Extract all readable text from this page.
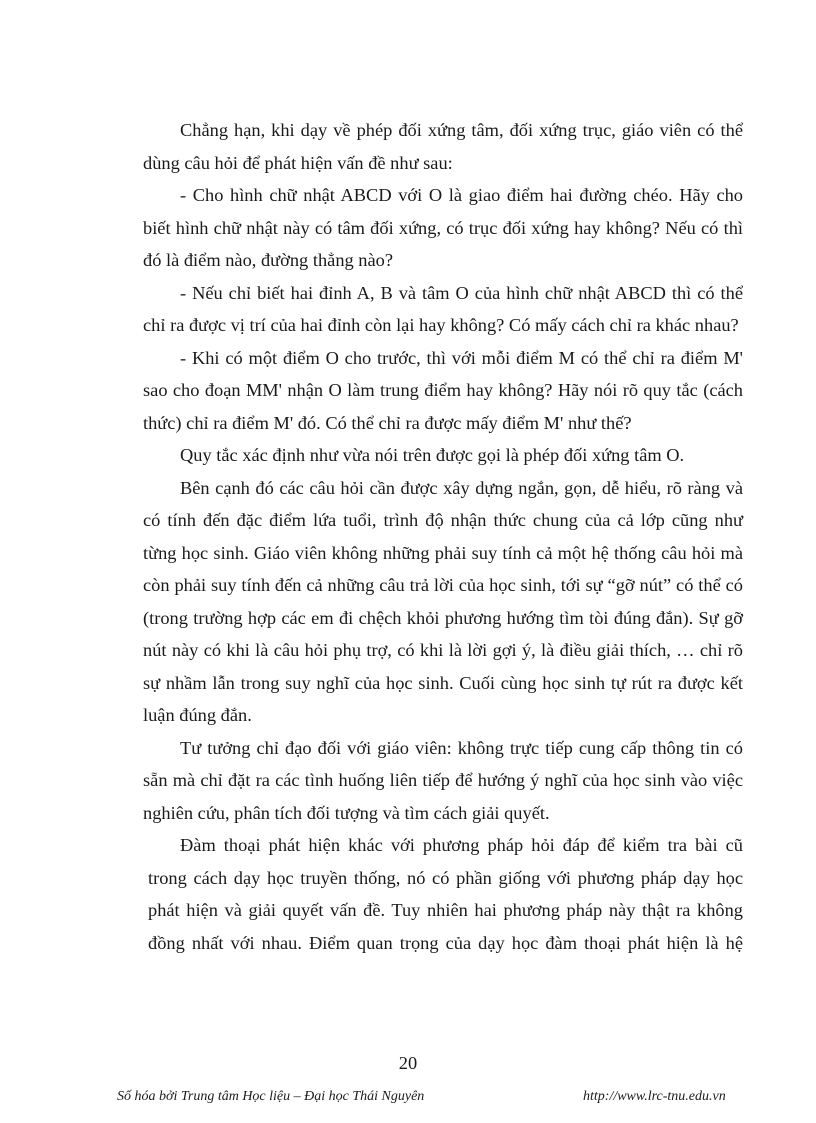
Chẳng hạn, khi dạy về phép đối xứng tâm, đối xứng trục, giáo viên có thể
dùng câu hỏi để phát hiện vấn đề như sau:
- Cho hình chữ nhật ABCD với O là giao điểm hai đường chéo. Hãy cho
biết hình chữ nhật này có tâm đối xứng, có trục đối xứng hay không? Nếu có thì
đó là điểm nào, đường thẳng nào?
- Nếu chỉ biết hai đỉnh A, B và tâm O của hình chữ nhật ABCD thì có thể
chỉ ra được vị trí của hai đỉnh còn lại hay không? Có mấy cách chỉ ra khác nhau?
- Khi có một điểm O cho trước, thì với mỗi điểm M có thể chỉ ra điểm M'
sao cho đoạn MM' nhận O làm trung điểm hay không? Hãy nói rõ quy tắc (cách
thức) chỉ ra điểm M' đó. Có thể chỉ ra được mấy điểm M' như thế?
Quy tắc xác định như vừa nói trên được gọi là phép đối xứng tâm O.
Bên cạnh đó các câu hỏi cần được xây dựng ngắn, gọn, dễ hiểu, rõ ràng và
có tính đến đặc điểm lứa tuổi, trình độ nhận thức chung của cả lớp cũng như
từng học sinh. Giáo viên không những phải suy tính cả một hệ thống câu hỏi mà
còn phải suy tính đến cả những câu trả lời của học sinh, tới sự “gỡ nút” có thể có
(trong trường hợp các em đi chệch khỏi phương hướng tìm tòi đúng đắn). Sự gỡ
nút này có khi là câu hỏi phụ trợ, có khi là lời gợi ý, là điều giải thích, … chỉ rõ
sự nhầm lẫn trong suy nghĩ của học sinh. Cuối cùng học sinh tự rút ra được kết
luận đúng đắn.
Tư tưởng chỉ đạo đối với giáo viên: không trực tiếp cung cấp thông tin có
sẵn mà chỉ đặt ra các tình huống liên tiếp để hướng ý nghĩ của học sinh vào việc
nghiên cứu, phân tích đối tượng và tìm cách giải quyết.
Đàm thoại phát hiện khác với phương pháp hỏi đáp để kiểm tra bài cũ
trong cách dạy học truyền thống, nó có phần giống với phương pháp dạy học
phát hiện và giải quyết vấn đề. Tuy nhiên hai phương pháp này thật ra không
đồng nhất với nhau. Điểm quan trọng của dạy học đàm thoại phát hiện là hệ
20
Số hóa bởi Trung tâm Học liệu – Đại học Thái Nguyên	http://www.lrc-tnu.edu.vn
